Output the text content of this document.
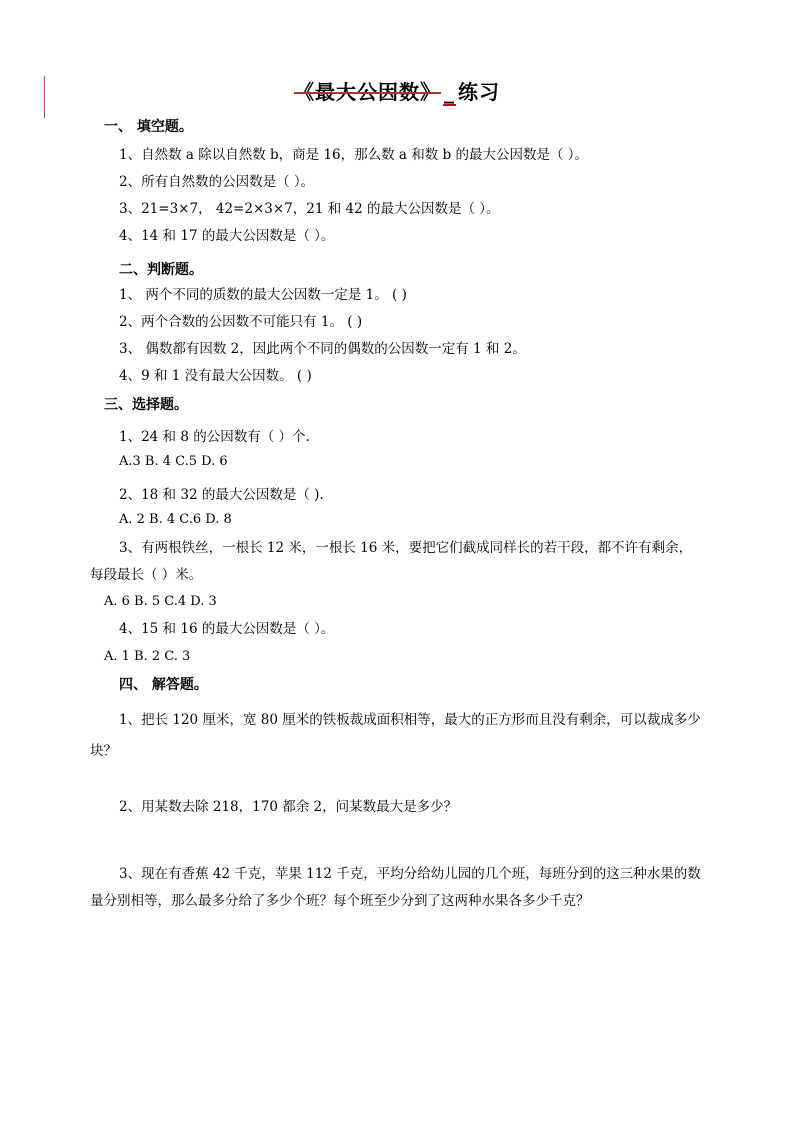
《最大公因数》 _ 练习
一、 填空题。
1、自然数 a 除以自然数 b，商是 16，那么数 a 和数 b 的最大公因数是（ ）。
2、所有自然数的公因数是（ ）。
3、21=3×7， 42=2×3×7，21 和 42 的最大公因数是（ ）。
4、14 和 17 的最大公因数是（ ）。
二、判断题。
1、 两个不同的质数的最大公因数一定是 1。 ( )
2、两个合数的公因数不可能只有 1。 ( )
3、 偶数都有因数 2，因此两个不同的偶数的公因数一定有 1 和 2。
4、9 和 1 没有最大公因数。 ( )
三、选择题。
1、24 和 8 的公因数有（ ）个.
A.3 B. 4 C.5 D. 6
2、18 和 32 的最大公因数是（ ).
A. 2 B. 4 C.6 D. 8
3、有两根铁丝，一根长 12 米，一根长 16 米，要把它们截成同样长的若干段，都不许有剩余，
每段最长（ ）米。
A. 6 B. 5 C.4 D. 3
4、15 和 16 的最大公因数是（ ）。
A. 1 B. 2 C. 3
四、 解答题。
1、把长 120 厘米，宽 80 厘米的铁板裁成面积相等，最大的正方形而且没有剩余，可以裁成多少
块？
2、用某数去除 218，170 都余 2，问某数最大是多少？
3、现在有香蕉 42 千克，苹果 112 千克，平均分给幼儿园的几个班，每班分到的这三种水果的数
量分别相等，那么最多分给了多少个班？每个班至少分到了这两种水果各多少千克？
